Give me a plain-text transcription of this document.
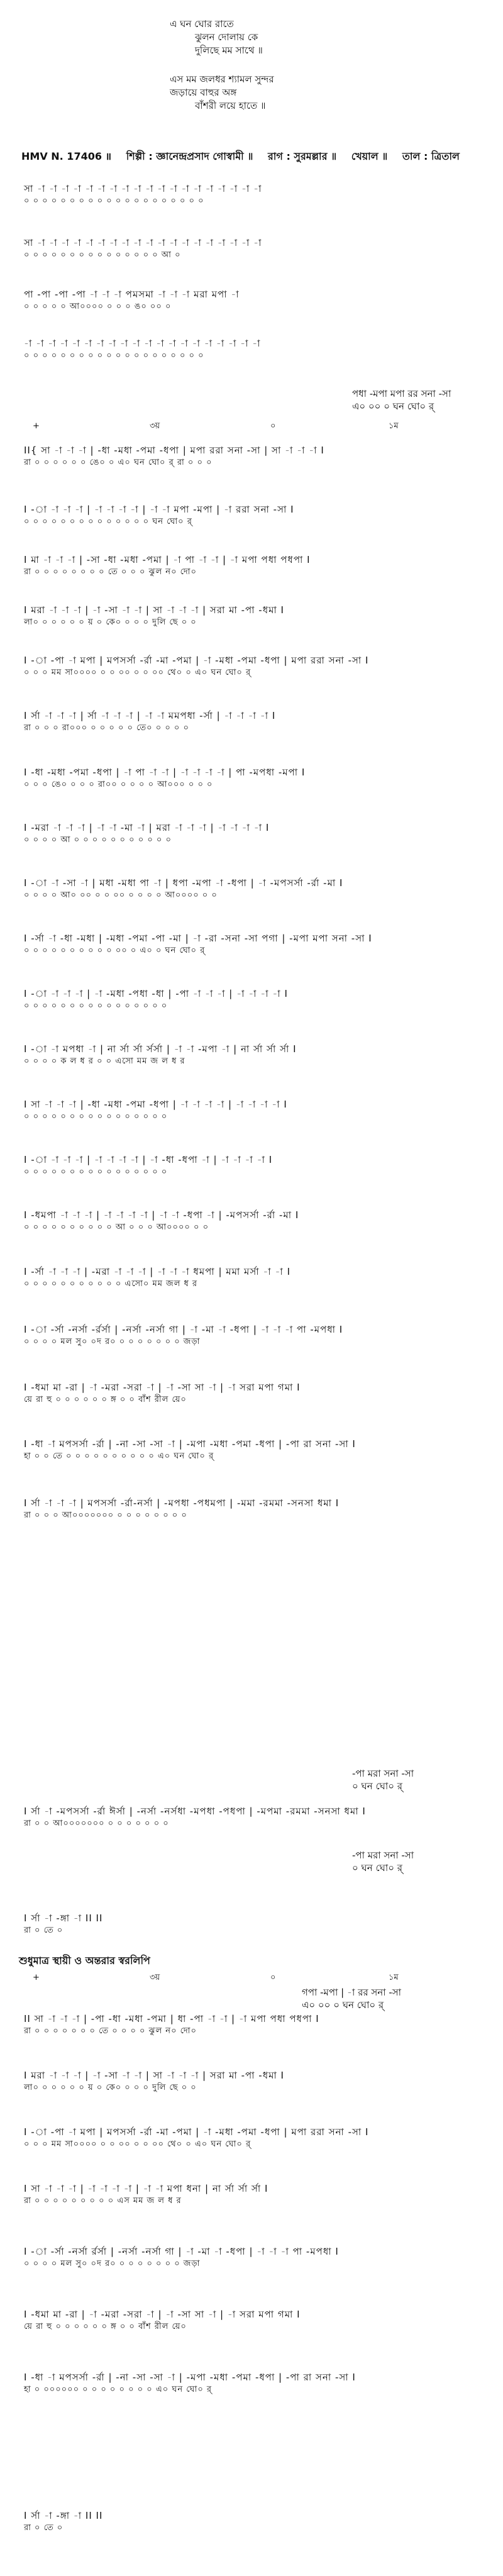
এ ঘন ঘোর রাতে
ঝুলন দোলায় কে
দুলিছে মম সাথে ॥
এস মম জলধর শ্যামল সুন্দর
জড়ায়ে বাহুর অঙ্গ
বাঁশরী লয়ে হাতে ॥
HMV N. 17406 ॥ শিল্পী : জ্ঞানেন্দ্রপ্রসাদ গোস্বামী ॥ রাগ : সুরমল্লার ॥ খেয়াল ॥ তাল : ত্রিতাল
সা -া -া -া -া -া -া -া -া -া -া -া -া -া -া -া -া -া -া -া
০ ০ ০ ০ ০ ০ ০ ০ ০ ০ ০ ০ ০ ০ ০ ০ ০ ০ ০ ০
সা -া -া -া -া -া -া -া -া -া -া -া -া -া -া -া -া -া -া -া
০ ০ ০ ০ ০ ০ ০ ০ ০ ০ ০ ০ ০ ০ ০ আ ০
পা -পা -পা -পা -া -া -া পমসমা -া -া -া মরা মপা -া
০ ০ ০ ০ ০ আ০০০০ ০ ০ ০ ঙ০ ০০ ০
-া -া -া -া -া -া -া -া -া -া -া -া -া -া -া -া -া -া -া -া
০ ০ ০ ০ ০ ০ ০ ০ ০ ০ ০ ০ ০ ০ ০ ০ ০ ০ ০ ০
পধা -মপা মপা রর সনা -সা
এ০ ০০ ০ ঘন ঘো০ র্
+	৩য়	০	১ম
II{ সা -া -া -া | -ধা -মধা -পমা -ধপা | মপা ররা সনা -সা | সা -া -া -া I
রা ০ ০ ০ ০ ০ ০ ঙে০ ০ এ০ ঘন ঘো০ র্ রা ০ ০ ০
I -া -া -া -া | -া -া -া -া | -া -া মপা -মপা | -া ররা সনা -সা I
০ ০ ০ ০ ০ ০ ০ ০ ০ ০ ০ ০ ০ ০ ঘন ঘো০ র্
I মা -া -া -া | -সা -ধা -মধা -পমা | -া পা -া -া | -া মপা পধা পধপা I
রা ০ ০ ০ ০ ০ ০ ০ ০ তে ০ ০ ০ ঝুল ন০ দো০
I মরা -া -া -া | -া -সা -া -া | সা -া -া -া | সরা মা -পা -ধমা I
লা০ ০ ০ ০ ০ ০ য় ০ কে০ ০ ০ ০ দুলি ছে ০ ০
I -া -পা -া মপা | মপসর্সা -র্রা -মা -পমা | -া -মধা -পমা -ধপা | মপা ররা সনা -সা I
০ ০ ০ মম সা০০০০ ০ ০ ০০ ০ ০ ০০ থে০ ০ এ০ ঘন ঘো০ র্
I র্সা -া -া -া | র্সা -া -া -া | -া -া মমপধা -র্সা | -া -া -া -া I
রা ০ ০ ০ রা০০০ ০ ০ ০ ০ ০ তে০ ০ ০ ০ ০
I -ধা -মধা -পমা -ধপা | -া পা -া -া | -া -া -া -া | পা -মপধা -মপা I
০ ০ ০ ঙে০ ০ ০ ০ রা০০ ০ ০ ০ ০ আ০০০ ০ ০ ০
I -মরা -া -া -া | -া -া -মা -া | মরা -া -া -া | -া -া -া -া I
০ ০ ০ ০ আ ০ ০ ০ ০ ০ ০ ০ ০ ০ ০ ০
I -া -া -সা -া | মধা -মধা পা -া | ধপা -মপা -া -ধপা | -া -মপসর্সা -র্রা -মা I
০ ০ ০ ০ আ০ ০০ ০ ০ ০০ ০ ০ ০ ০ আ০০০০ ০ ০
I -র্সা -া -ধা -মধা | -মধা -পমা -পা -মা | -া -রা -সনা -সা পগা | -মপা মপা সনা -সা I
০ ০ ০ ০ ০ ০ ০ ০ ০ ০ ০০ ০ এ০ ০ ঘন ঘো০ র্
I -া -া -া -া | -া -মধা -পধা -ধা | -পা -া -া -া | -া -া -া -া I
০ ০ ০ ০ ০ ০ ০ ০ ০ ০ ০ ০ ০ ০ ০ ০
I -া -া মপধা -া | না র্সা র্সা র্সর্সা | -া -া -মপা -া | না র্সা র্সা র্সা I
০ ০ ০ ০ ক ল ধ র ০ ০ এসো মম জ ল ধ র
I সা -া -া -া | -ধা -মধা -পমা -ধপা | -া -া -া -া | -া -া -া -া I
০ ০ ০ ০ ০ ০ ০ ০ ০ ০ ০ ০ ০ ০ ০ ০
I -া -া -া -া | -া -া -া -া | -া -ধা -ধপা -া | -া -া -া -া I
০ ০ ০ ০ ০ ০ ০ ০ ০ ০ ০ ০ ০ ০ ০ ০
I -ধমপা -া -া -া | -া -া -া -া | -া -া -ধপা -া | -মপসর্সা -র্রা -মা I
০ ০ ০ ০ ০ ০ ০ ০ ০ ০ আ ০ ০ ০ আ০০০০ ০ ০
I -র্সা -া -া -া | -মরা -া -া -া | -া -া -া ধমপা | মমা মর্সা -া -া I
০ ০ ০ ০ ০ ০ ০ ০ ০ ০ ০ এসো০ মম জল ধ র
I -া -র্সা -নর্সা -র্রর্সা | -নর্সা -নর্সা গা | -া -মা -া -ধপা | -া -া -া পা -মপধা I
০ ০ ০ ০ মল সু০ ০দ র০ ০ ০ ০ ০ ০ ০ ০ জড়া
I -ধমা মা -রা | -া -মরা -সরা -া | -া -সা সা -া | -া সরা মপা গমা I
য়ে রা হু ০ ০ ০ ০ ০ ০ ঙ্গ ০ ০ বাঁশ রীল য়ে০
I -ধা -া মপসর্সা -র্রা | -না -সা -সা -া | -মপা -মধা -পমা -ধপা | -পা রা সনা -সা I
হা ০ ০ তে ০ ০ ০ ০ ০ ০ ০ ০ ০ ০ এ০ ঘন ঘো০ র্
I র্সা -া -া -া | মপসর্সা -র্রা-নর্সা | -মপধা -পধমপা | -মমা -রমমা -সনসা ধমা I
রা ০ ০ ০ আ০০০০০০০ ০ ০ ০ ০ ০ ০ ০ ০
-পা মরা সনা -সা
০ ঘন ঘো০ র্
I র্সা -া -মপসর্সা -র্রা ঈর্সা | -নর্সা -নর্সধা -মপধা -পধপা | -মপমা -রমমা -সনসা ধমা I
রা ০ ০ আ০০০০০০০ ০ ০ ০ ০ ০ ০ ০
-পা মরা সনা -সা
০ ঘন ঘো০ র্
I র্সা -া -ঙ্গা -া II II
রা ০ তে ০
শুধুমাত্র স্থায়ী ও অন্তরার স্বরলিপি
+	৩য়	০	১ম
গপা -মপা | -া রর সনা -সা
এ০ ০০ ০ ঘন ঘো০ র্
II সা -া -া -া | -পা -ধা -মধা -পমা | ধা -পা -া -া | -া মপা পধা পধপা I
রা ০ ০ ০ ০ ০ ০ ০ তে ০ ০ ০ ০ ঝুল ন০ দো০
I মরা -া -া -া | -া -সা -া -া | সা -া -া -া | সরা মা -পা -ধমা I
লা০ ০ ০ ০ ০ ০ য় ০ কে০ ০ ০ ০ দুলি ছে ০ ০
I -া -পা -া মপা | মপসর্সা -র্রা -মা -পমা | -া -মধা -পমা -ধপা | মপা ররা সনা -সা I
০ ০ ০ মম সা০০০০ ০ ০ ০০ ০ ০ ০০ থে০ ০ এ০ ঘন ঘো০ র্
I সা -া -া -া | -া -া -া -া | -া -া মপা ধনা | না র্সা র্সা র্সা I
রা ০ ০ ০ ০ ০ ০ ০ ০ ০ এস মম জ ল ধ র
I -া -র্সা -নর্সা র্রর্সা | -নর্সা -নর্সা গা | -া -মা -া -ধপা | -া -া -া পা -মপধা I
০ ০ ০ ০ মল সু০ ০দ র০ ০ ০ ০ ০ ০ ০ ০ জড়া
I -ধমা মা -রা | -া -মরা -সরা -া | -া -সা সা -া | -া সরা মপা গমা I
য়ে রা হু ০ ০ ০ ০ ০ ০ ঙ্গ ০ ০ বাঁশ রীল য়ে০
I -ধা -া মপসর্সা -র্রা | -না -সা -সা -া | -মপা -মধা -পমা -ধপা | -পা রা সনা -সা I
হা ০ ০০০০০০ ০ ০ ০ ০ ০ ০ ০ ০ এ০ ঘন ঘো০ র্
I র্সা -া -ঙ্গা -া II II
রা ০ তে ০
